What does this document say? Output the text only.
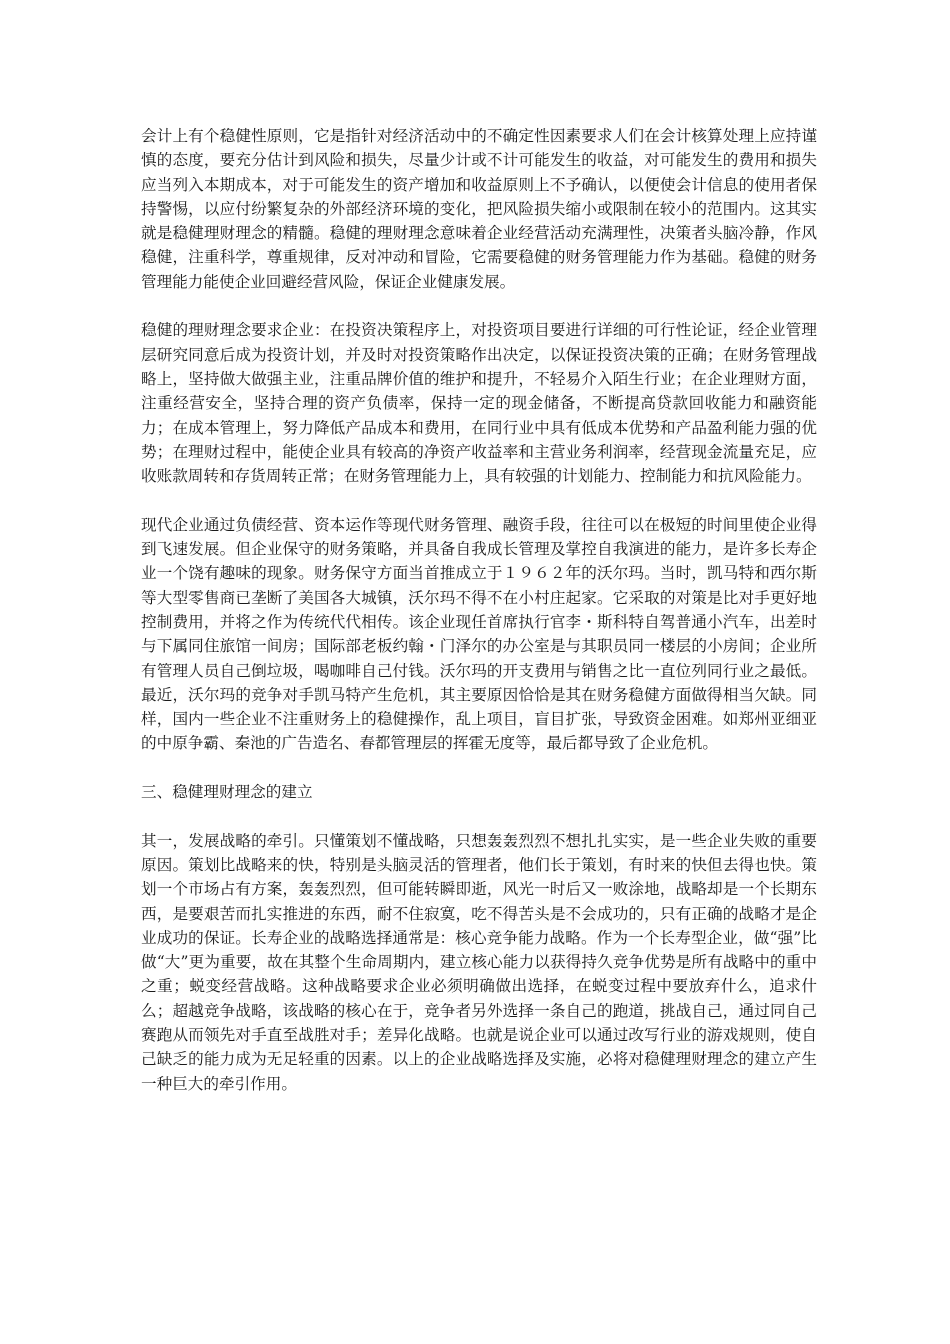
会计上有个稳健性原则，它是指针对经济活动中的不确定性因素要求人们在会计核算处理上应持谨慎的态度，要充分估计到风险和损失，尽量少计或不计可能发生的收益，对可能发生的费用和损失应当列入本期成本，对于可能发生的资产增加和收益原则上不予确认，以便使会计信息的使用者保持警惕，以应付纷繁复杂的外部经济环境的变化，把风险损失缩小或限制在较小的范围内。这其实就是稳健理财理念的精髓。稳健的理财理念意味着企业经营活动充满理性，决策者头脑冷静，作风稳健，注重科学，尊重规律，反对冲动和冒险，它需要稳健的财务管理能力作为基础。稳健的财务管理能力能使企业回避经营风险，保证企业健康发展。

稳健的理财理念要求企业：在投资决策程序上，对投资项目要进行详细的可行性论证，经企业管理层研究同意后成为投资计划，并及时对投资策略作出决定，以保证投资决策的正确；在财务管理战略上，坚持做大做强主业，注重品牌价值的维护和提升，不轻易介入陌生行业；在企业理财方面，注重经营安全，坚持合理的资产负债率，保持一定的现金储备，不断提高贷款回收能力和融资能力；在成本管理上，努力降低产品成本和费用，在同行业中具有低成本优势和产品盈利能力强的优势；在理财过程中，能使企业具有较高的净资产收益率和主营业务利润率，经营现金流量充足，应收账款周转和存货周转正常；在财务管理能力上，具有较强的计划能力、控制能力和抗风险能力。

现代企业通过负债经营、资本运作等现代财务管理、融资手段，往往可以在极短的时间里使企业得到飞速发展。但企业保守的财务策略，并具备自我成长管理及掌控自我演进的能力，是许多长寿企业一个饶有趣味的现象。财务保守方面当首推成立于１９６２年的沃尔玛。当时，凯马特和西尔斯等大型零售商已垄断了美国各大城镇，沃尔玛不得不在小村庄起家。它采取的对策是比对手更好地控制费用，并将之作为传统代代相传。该企业现任首席执行官李・斯科特自驾普通小汽车，出差时与下属同住旅馆一间房；国际部老板约翰・门泽尔的办公室是与其职员同一楼层的小房间；企业所有管理人员自己倒垃圾，喝咖啡自己付钱。沃尔玛的开支费用与销售之比一直位列同行业之最低。最近，沃尔玛的竞争对手凯马特产生危机，其主要原因恰恰是其在财务稳健方面做得相当欠缺。同样，国内一些企业不注重财务上的稳健操作，乱上项目，盲目扩张，导致资金困难。如郑州亚细亚的中原争霸、秦池的广告造名、春都管理层的挥霍无度等，最后都导致了企业危机。

三、稳健理财理念的建立

其一，发展战略的牵引。只懂策划不懂战略，只想轰轰烈烈不想扎扎实实，是一些企业失败的重要原因。策划比战略来的快，特别是头脑灵活的管理者，他们长于策划，有时来的快但去得也快。策划一个市场占有方案，轰轰烈烈，但可能转瞬即逝，风光一时后又一败涂地，战略却是一个长期东西，是要艰苦而扎实推进的东西，耐不住寂寞，吃不得苦头是不会成功的，只有正确的战略才是企业成功的保证。长寿企业的战略选择通常是：核心竞争能力战略。作为一个长寿型企业，做“强”比做“大”更为重要，故在其整个生命周期内，建立核心能力以获得持久竞争优势是所有战略中的重中之重；蜕变经营战略。这种战略要求企业必须明确做出选择，在蜕变过程中要放弃什么，追求什么；超越竞争战略，该战略的核心在于，竞争者另外选择一条自己的跑道，挑战自己，通过同自己赛跑从而领先对手直至战胜对手；差异化战略。也就是说企业可以通过改写行业的游戏规则，使自己缺乏的能力成为无足轻重的因素。以上的企业战略选择及实施，必将对稳健理财理念的建立产生一种巨大的牵引作用。
